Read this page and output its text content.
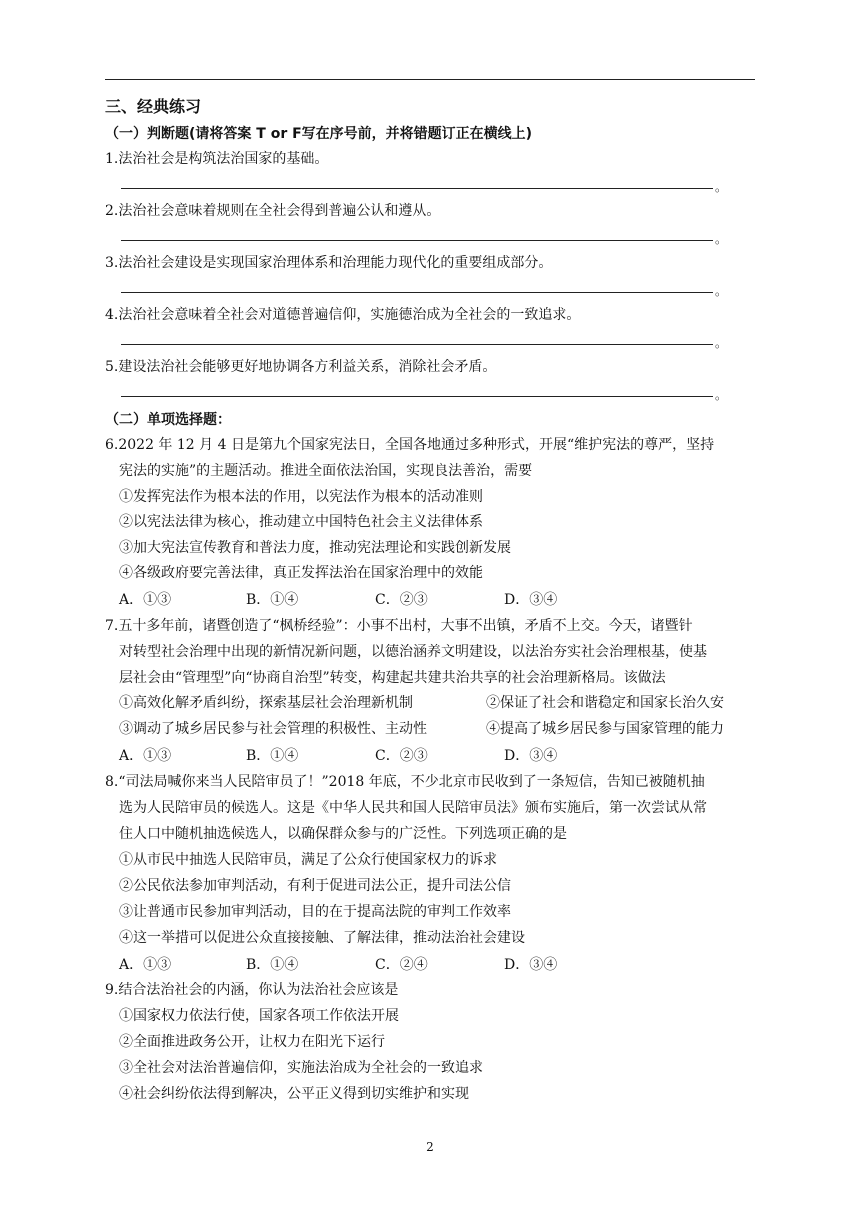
三、经典练习
（一）判断题(请将答案 T or F写在序号前，并将错题订正在横线上)
1.法治社会是构筑法治国家的基础。
。
2.法治社会意味着规则在全社会得到普遍公认和遵从。
。
3.法治社会建设是实现国家治理体系和治理能力现代化的重要组成部分。
。
4.法治社会意味着全社会对道德普遍信仰，实施德治成为全社会的一致追求。
。
5.建设法治社会能够更好地协调各方利益关系，消除社会矛盾。
。
（二）单项选择题：
6.2022 年 12 月 4 日是第九个国家宪法日，全国各地通过多种形式，开展“维护宪法的尊严，坚持
宪法的实施”的主题活动。推进全面依法治国，实现良法善治，需要
①发挥宪法作为根本法的作用，以宪法作为根本的活动准则
②以宪法法律为核心，推动建立中国特色社会主义法律体系
③加大宪法宣传教育和普法力度，推动宪法理论和实践创新发展
④各级政府要完善法律，真正发挥法治在国家治理中的效能
A．①③	B．①④	C．②③	D．③④
7.五十多年前，诸暨创造了“枫桥经验”：小事不出村，大事不出镇，矛盾不上交。今天，诸暨针
对转型社会治理中出现的新情况新问题，以德治涵养文明建设，以法治夯实社会治理根基，使基
层社会由“管理型”向“协商自治型”转变，构建起共建共治共享的社会治理新格局。该做法
①高效化解矛盾纠纷，探索基层社会治理新机制	②保证了社会和谐稳定和国家长治久安
③调动了城乡居民参与社会管理的积极性、主动性	④提高了城乡居民参与国家管理的能力
A．①③	B．①④	C．②③	D．③④
8.“司法局喊你来当人民陪审员了！”2018 年底，不少北京市民收到了一条短信，告知已被随机抽
选为人民陪审员的候选人。这是《中华人民共和国人民陪审员法》颁布实施后，第一次尝试从常
住人口中随机抽选候选人，以确保群众参与的广泛性。下列选项正确的是
①从市民中抽选人民陪审员，满足了公众行使国家权力的诉求
②公民依法参加审判活动，有利于促进司法公正，提升司法公信
③让普通市民参加审判活动，目的在于提高法院的审判工作效率
④这一举措可以促进公众直接接触、了解法律，推动法治社会建设
A．①③	B．①④	C．②④	D．③④
9.结合法治社会的内涵，你认为法治社会应该是
①国家权力依法行使，国家各项工作依法开展
②全面推进政务公开，让权力在阳光下运行
③全社会对法治普遍信仰，实施法治成为全社会的一致追求
④社会纠纷依法得到解决，公平正义得到切实维护和实现
2
